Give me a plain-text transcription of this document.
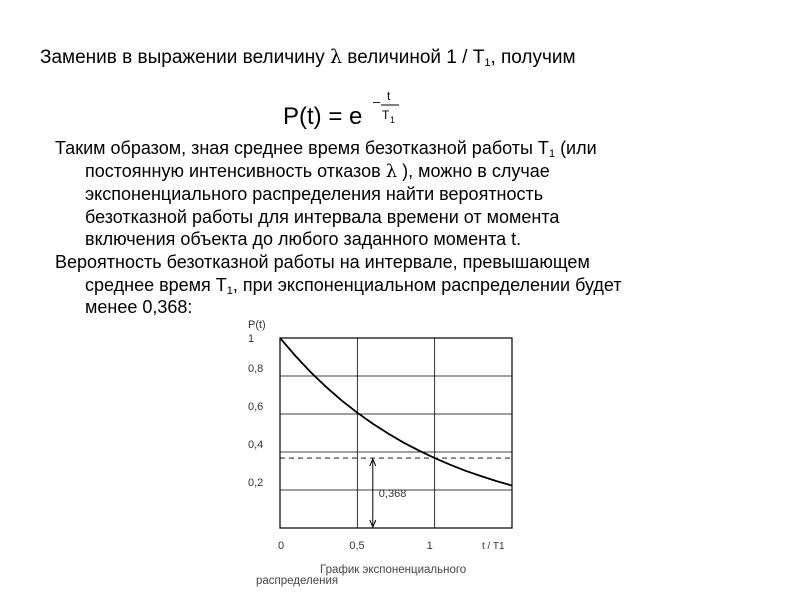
Заменив в выражении величину λ величиной $1 / Т_1$, получим
P(t) = e
– t
T 1
Таким образом, зная среднее время безотказной работы $Т_1$ (или
постоянную интенсивность отказов λ ), можно в случае
экспоненциального распределения найти вероятность
безотказной работы для интервала времени от момента
включения объекта до любого заданного момента t.
Вероятность безотказной работы на интервале, превышающем
среднее время $Т_1$, при экспоненциальном распределении будет
менее 0,368:
1
0,8
0,6
0,4
0,2
0	0,5	1
P(t)
t / T1
0,368
График экспоненциального
распределения
